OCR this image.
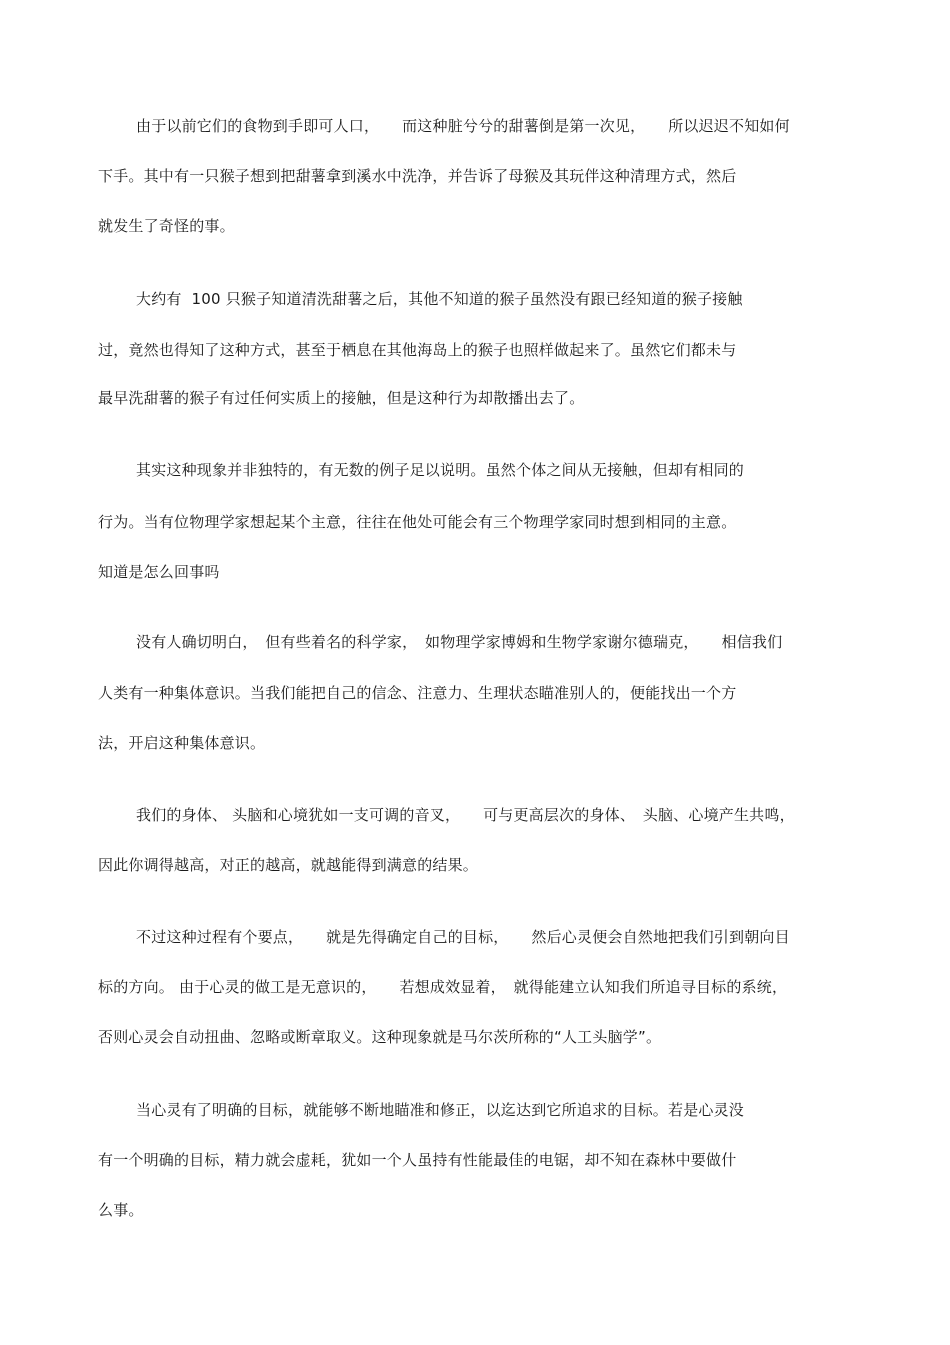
由于以前它们的食物到手即可人口，　　而这种脏兮兮的甜薯倒是第一次见，　　所以迟迟不知如何
下手。其中有一只猴子想到把甜薯拿到溪水中洗净，并告诉了母猴及其玩伴这种清理方式，然后
就发生了奇怪的事。
大约有  100 只猴子知道清洗甜薯之后，其他不知道的猴子虽然没有跟已经知道的猴子接触
过，竟然也得知了这种方式，甚至于栖息在其他海岛上的猴子也照样做起来了。虽然它们都未与
最早洗甜薯的猴子有过任何实质上的接触，但是这种行为却散播出去了。
其实这种现象并非独特的，有无数的例子足以说明。虽然个体之间从无接触，但却有相同的
行为。当有位物理学家想起某个主意，往往在他处可能会有三个物理学家同时想到相同的主意。
知道是怎么回事吗
没有人确切明白，　但有些着名的科学家，　如物理学家博姆和生物学家谢尔德瑞克，　　相信我们
人类有一种集体意识。当我们能把自己的信念、注意力、生理状态瞄准别人的，便能找出一个方
法，开启这种集体意识。
我们的身体、 头脑和心境犹如一支可调的音叉，　　可与更高层次的身体、　头脑、心境产生共鸣，
因此你调得越高，对正的越高，就越能得到满意的结果。
不过这种过程有个要点，　　就是先得确定自己的目标，　　然后心灵便会自然地把我们引到朝向目
标的方向。 由于心灵的做工是无意识的，　　若想成效显着，　就得能建立认知我们所追寻目标的系统，
否则心灵会自动扭曲、忽略或断章取义。这种现象就是马尔茨所称的“人工头脑学”。
当心灵有了明确的目标，就能够不断地瞄准和修正，以迄达到它所追求的目标。若是心灵没
有一个明确的目标，精力就会虚耗，犹如一个人虽持有性能最佳的电锯，却不知在森林中要做什
么事。
